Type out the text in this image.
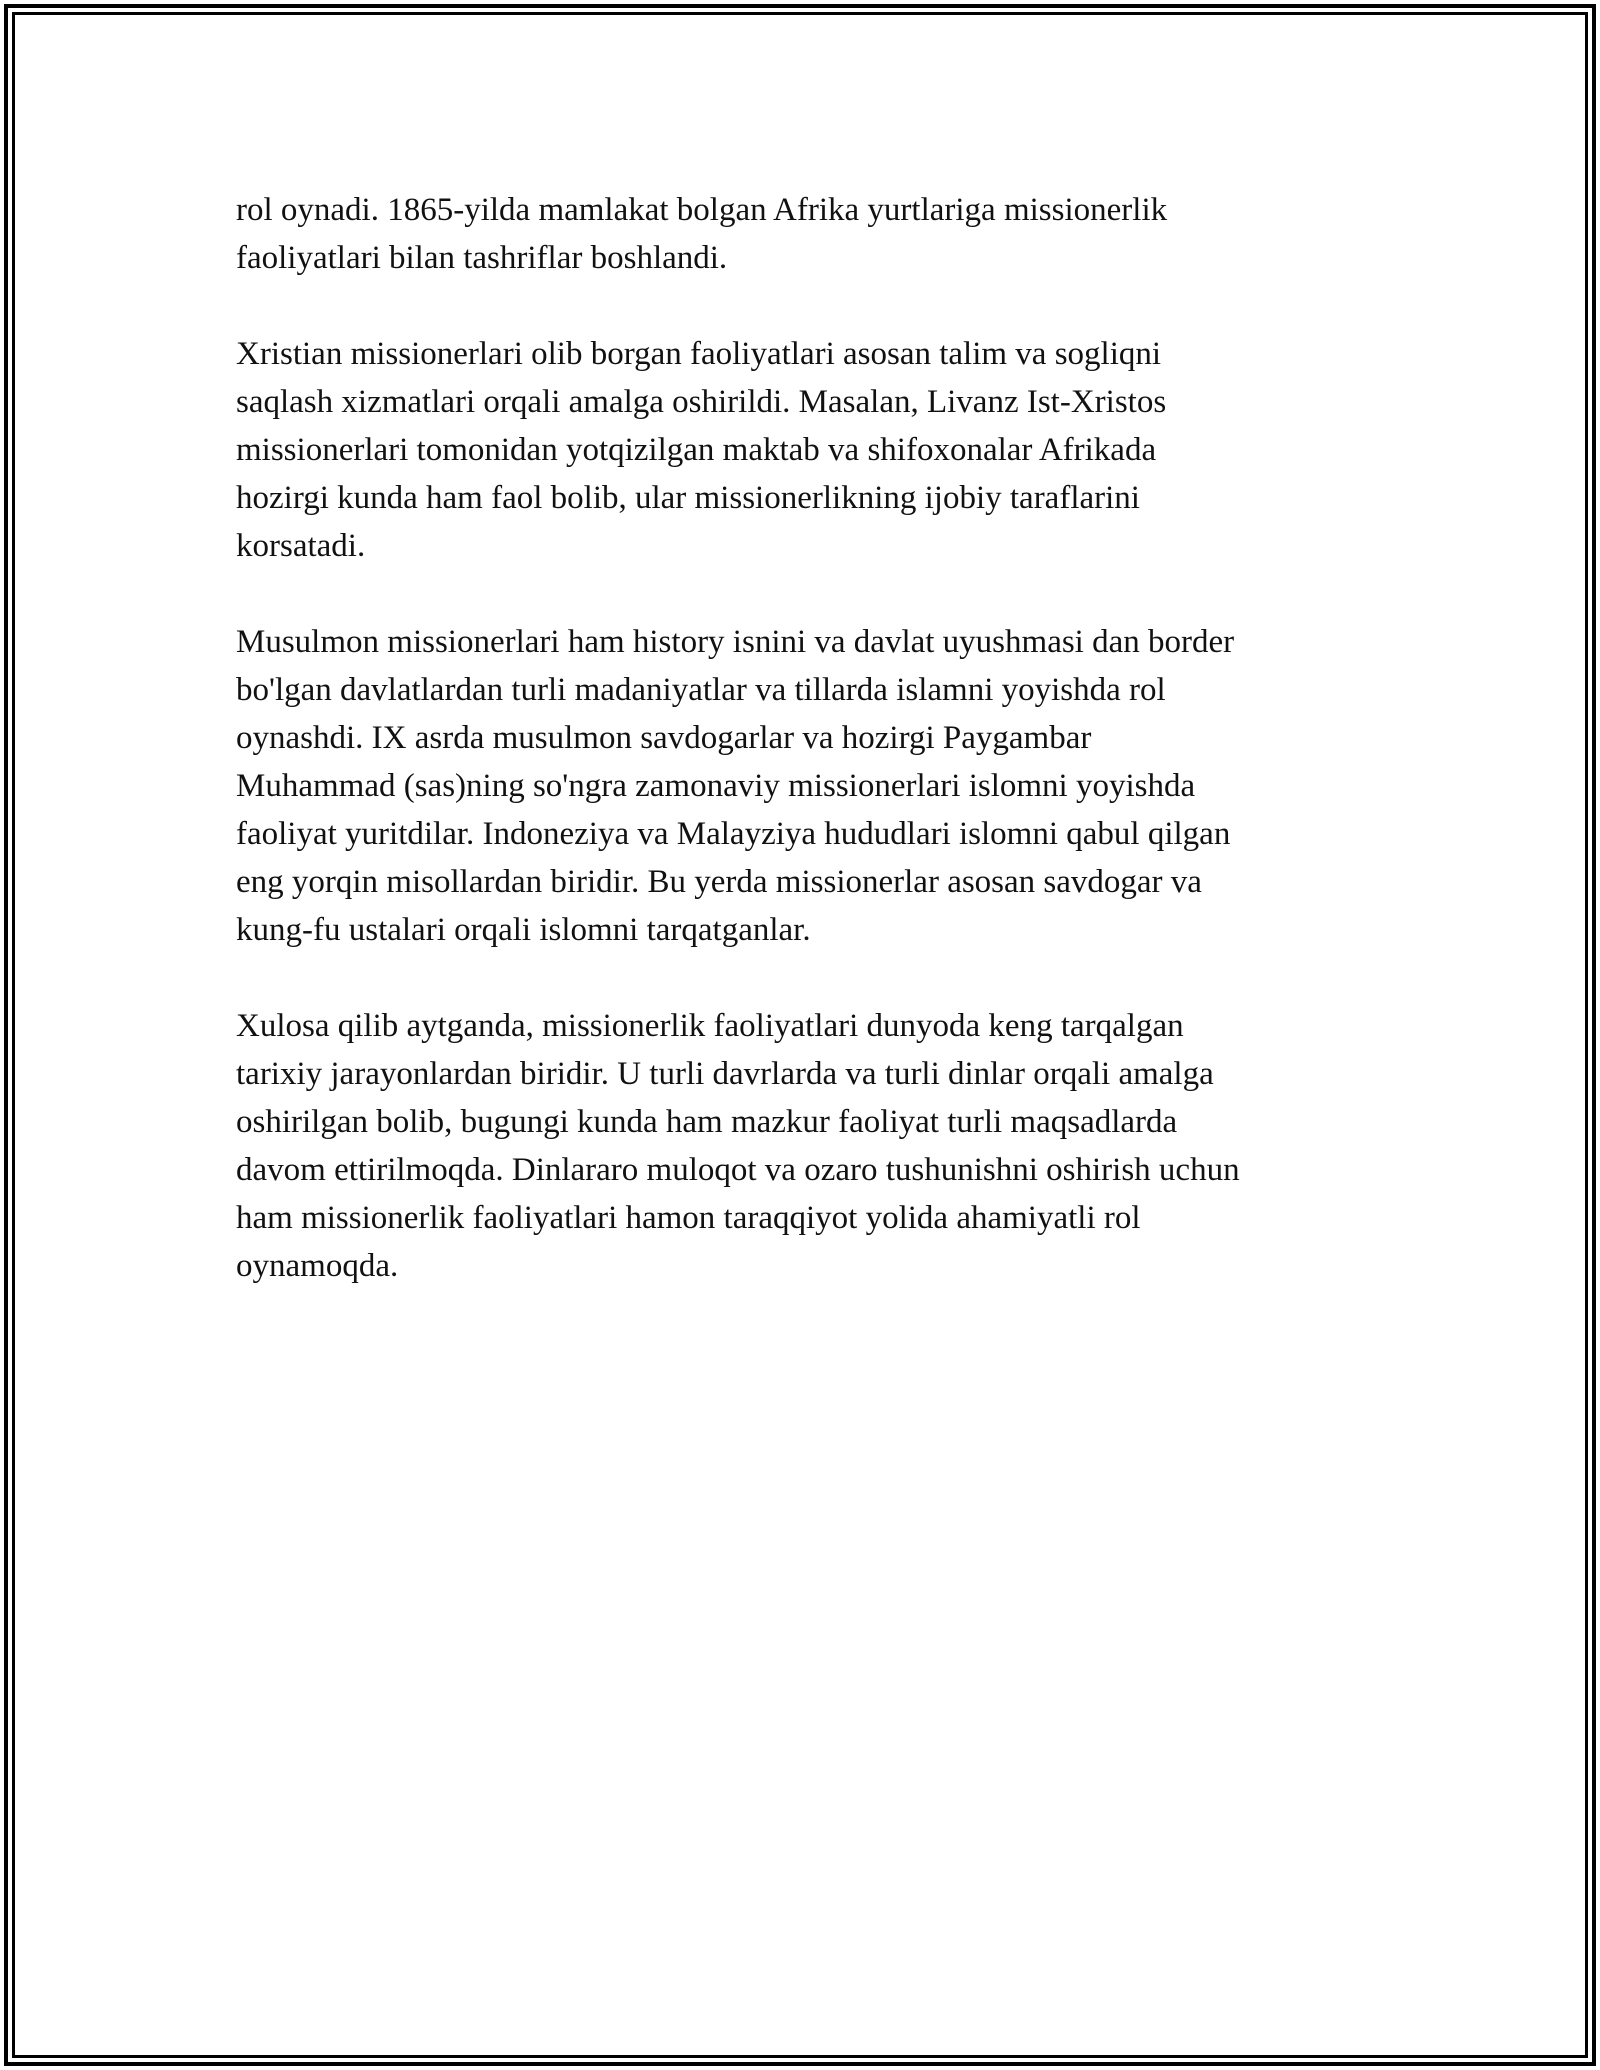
rol oynadi. 1865-yilda mamlakat bolgan Afrika yurtlariga missionerlik
faoliyatlari bilan tashriflar boshlandi.

Xristian missionerlari olib borgan faoliyatlari asosan talim va sogliqni
saqlash xizmatlari orqali amalga oshirildi. Masalan, Livanz Ist-Xristos
missionerlari tomonidan yotqizilgan maktab va shifoxonalar Afrikada
hozirgi kunda ham faol bolib, ular missionerlikning ijobiy taraflarini
korsatadi.

Musulmon missionerlari ham history isnini va davlat uyushmasi dan border
bo'lgan davlatlardan turli madaniyatlar va tillarda islamni yoyishda rol
oynashdi. IX asrda musulmon savdogarlar va hozirgi Paygambar
Muhammad (sas)ning so'ngra zamonaviy missionerlari islomni yoyishda
faoliyat yuritdilar. Indoneziya va Malayziya hududlari islomni qabul qilgan
eng yorqin misollardan biridir. Bu yerda missionerlar asosan savdogar va
kung-fu ustalari orqali islomni tarqatganlar.

Xulosa qilib aytganda, missionerlik faoliyatlari dunyoda keng tarqalgan
tarixiy jarayonlardan biridir. U turli davrlarda va turli dinlar orqali amalga
oshirilgan bolib, bugungi kunda ham mazkur faoliyat turli maqsadlarda
davom ettirilmoqda. Dinlararo muloqot va ozaro tushunishni oshirish uchun
ham missionerlik faoliyatlari hamon taraqqiyot yolida ahamiyatli rol
oynamoqda.
